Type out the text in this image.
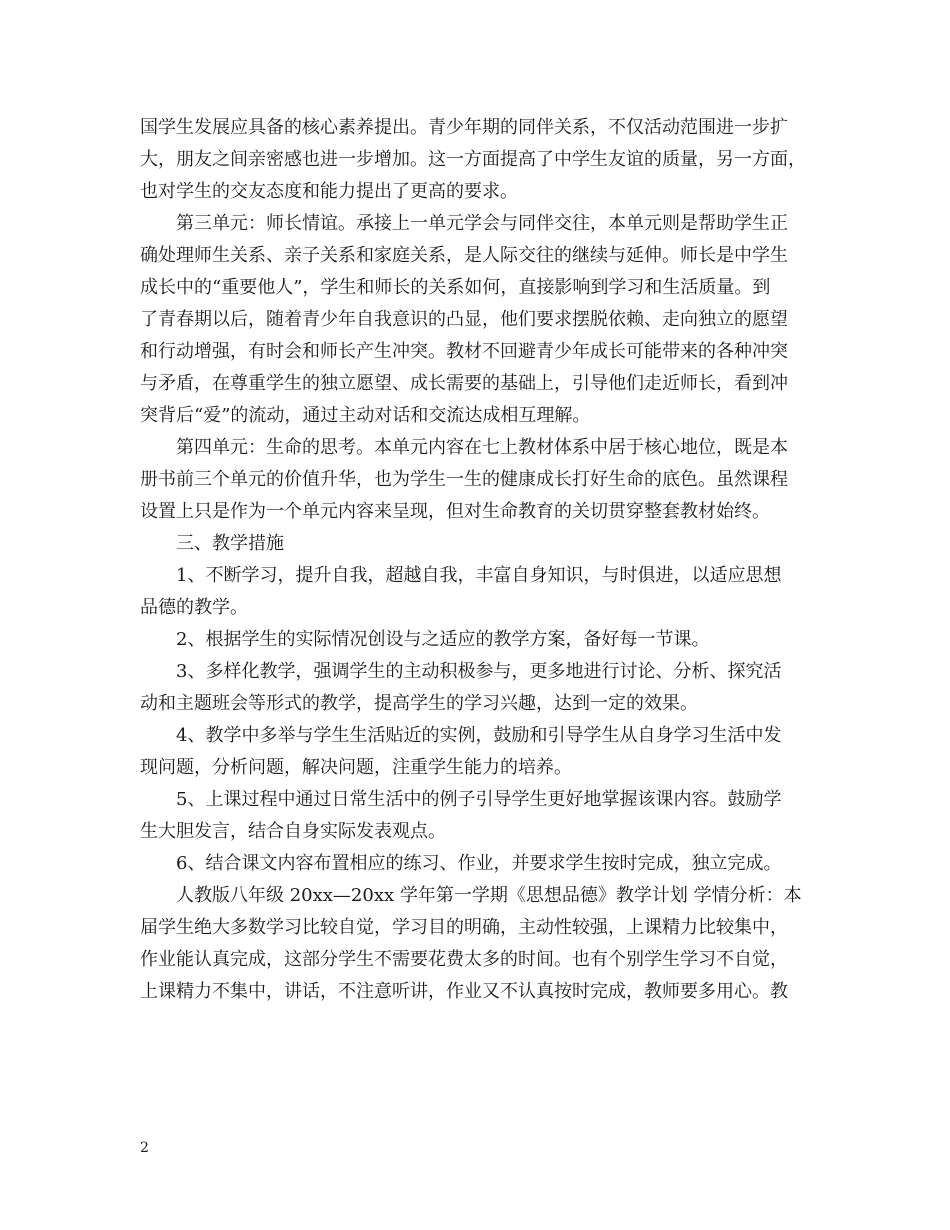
国学生发展应具备的核心素养提出。青少年期的同伴关系，不仅活动范围进一步扩
大，朋友之间亲密感也进一步增加。这一方面提高了中学生友谊的质量，另一方面，
也对学生的交友态度和能力提出了更高的要求。
　　第三单元：师长情谊。承接上一单元学会与同伴交往，本单元则是帮助学生正
确处理师生关系、亲子关系和家庭关系，是人际交往的继续与延伸。师长是中学生
成长中的“重要他人”，学生和师长的关系如何，直接影响到学习和生活质量。到
了青春期以后，随着青少年自我意识的凸显，他们要求摆脱依赖、走向独立的愿望
和行动增强，有时会和师长产生冲突。教材不回避青少年成长可能带来的各种冲突
与矛盾，在尊重学生的独立愿望、成长需要的基础上，引导他们走近师长，看到冲
突背后“爱”的流动，通过主动对话和交流达成相互理解。
　　第四单元：生命的思考。本单元内容在七上教材体系中居于核心地位，既是本
册书前三个单元的价值升华，也为学生一生的健康成长打好生命的底色。虽然课程
设置上只是作为一个单元内容来呈现，但对生命教育的关切贯穿整套教材始终。
　　三、教学措施
　　1、不断学习，提升自我，超越自我，丰富自身知识，与时俱进，以适应思想
品德的教学。
　　2、根据学生的实际情况创设与之适应的教学方案，备好每一节课。
　　3、多样化教学，强调学生的主动积极参与，更多地进行讨论、分析、探究活
动和主题班会等形式的教学，提高学生的学习兴趣，达到一定的效果。
　　4、教学中多举与学生生活贴近的实例，鼓励和引导学生从自身学习生活中发
现问题，分析问题，解决问题，注重学生能力的培养。
　　5、上课过程中通过日常生活中的例子引导学生更好地掌握该课内容。鼓励学
生大胆发言，结合自身实际发表观点。
　　6、结合课文内容布置相应的练习、作业，并要求学生按时完成，独立完成。
　　人教版八年级 20xx—20xx 学年第一学期《思想品德》教学计划 学情分析：本
届学生绝大多数学习比较自觉，学习目的明确，主动性较强，上课精力比较集中，
作业能认真完成，这部分学生不需要花费太多的时间。也有个别学生学习不自觉，
上课精力不集中，讲话，不注意听讲，作业又不认真按时完成，教师要多用心。教
2
